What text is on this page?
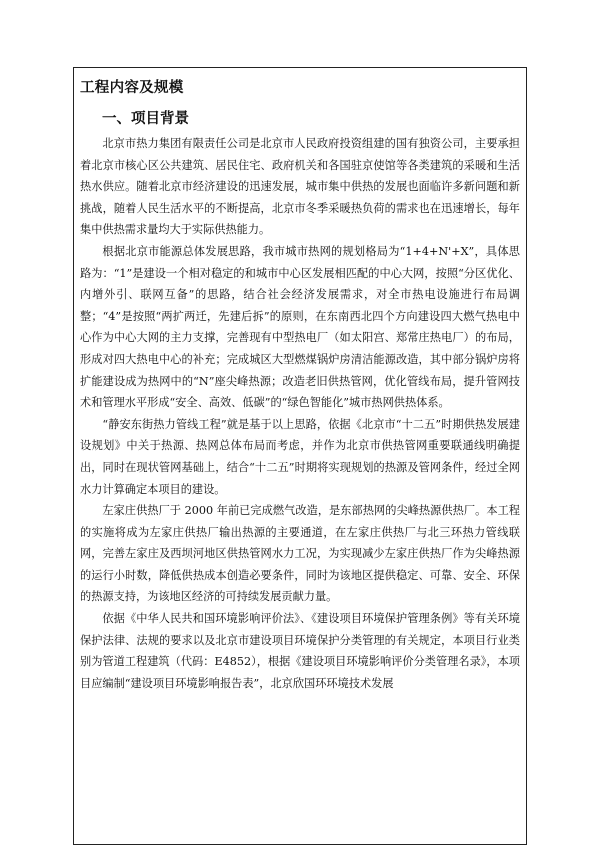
工程内容及规模
一、项目背景

北京市热力集团有限责任公司是北京市人民政府投资组建的国有独资公司，主要承担着北京市核心区公共建筑、居民住宅、政府机关和各国驻京使馆等各类建筑的采暖和生活热水供应。随着北京市经济建设的迅速发展，城市集中供热的发展也面临许多新问题和新挑战，随着人民生活水平的不断提高，北京市冬季采暖热负荷的需求也在迅速增长，每年集中供热需求量均大于实际供热能力。

根据北京市能源总体发展思路，我市城市热网的规划格局为“1+4+N'+X”，具体思路为：“1”是建设一个相对稳定的和城市中心区发展相匹配的中心大网，按照“分区优化、内增外引、联网互备”的思路，结合社会经济发展需求，对全市热电设施进行布局调整；“4”是按照“两扩两迁，先建后拆”的原则，在东南西北四个方向建设四大燃气热电中心作为中心大网的主力支撑，完善现有中型热电厂（如太阳宫、郑常庄热电厂）的布局，形成对四大热电中心的补充；完成城区大型燃煤锅炉房清洁能源改造，其中部分锅炉房将扩能建设成为热网中的“N”座尖峰热源；改造老旧供热管网，优化管线布局，提升管网技术和管理水平形成“安全、高效、低碳”的“绿色智能化”城市热网供热体系。

“静安东街热力管线工程”就是基于以上思路，依据《北京市“十二五”时期供热发展建设规划》中关于热源、热网总体布局而考虑，并作为北京市供热管网重要联通线明确提出，同时在现状管网基础上，结合“十二五”时期将实现规划的热源及管网条件，经过全网水力计算确定本项目的建设。

左家庄供热厂于 2000 年前已完成燃气改造，是东部热网的尖峰热源供热厂。本工程的实施将成为左家庄供热厂输出热源的主要通道，在左家庄供热厂与北三环热力管线联网，完善左家庄及西坝河地区供热管网水力工况，为实现减少左家庄供热厂作为尖峰热源的运行小时数，降低供热成本创造必要条件，同时为该地区提供稳定、可靠、安全、环保的热源支持，为该地区经济的可持续发展贡献力量。

依据《中华人民共和国环境影响评价法》、《建设项目环境保护管理条例》等有关环境保护法律、法规的要求以及北京市建设项目环境保护分类管理的有关规定，本项目行业类别为管道工程建筑（代码：E4852），根据《建设项目环境影响评价分类管理名录》，本项目应编制“建设项目环境影响报告表”，北京欣国环环境技术发展
